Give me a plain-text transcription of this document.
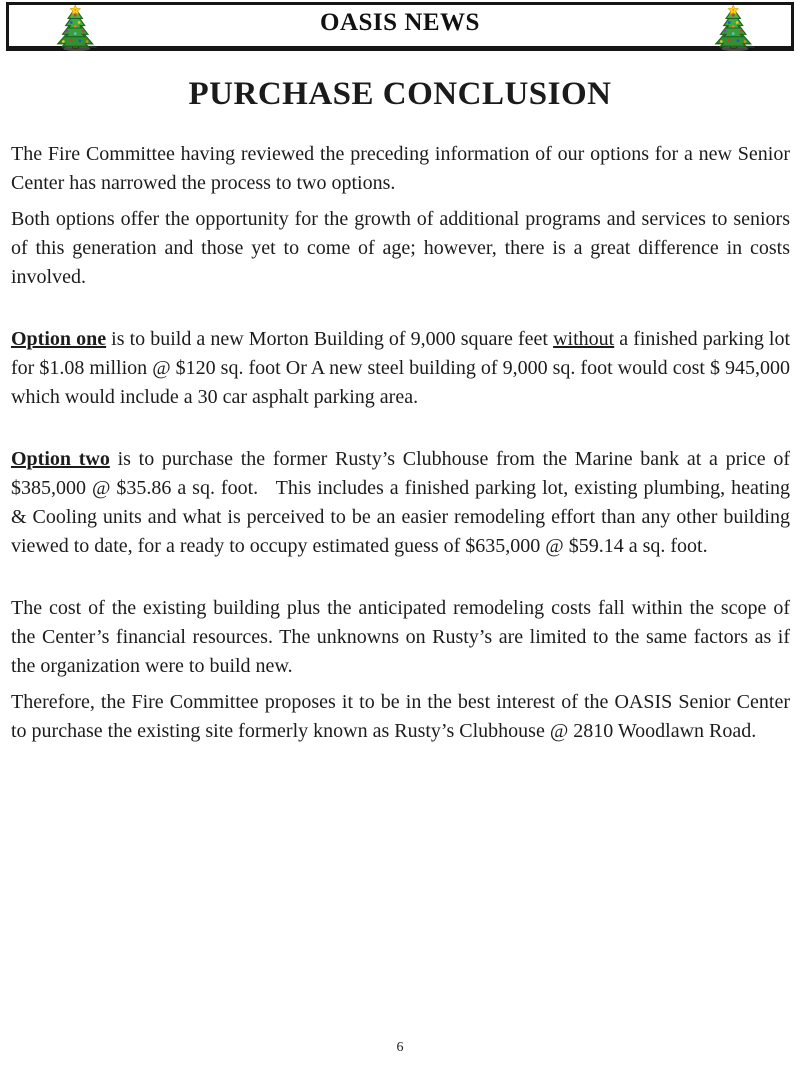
OASIS NEWS
PURCHASE CONCLUSION

The Fire Committee having reviewed the preceding information of our options for a new Senior Center has narrowed the process to two options.

Both options offer the opportunity for the growth of additional programs and services to seniors of this generation and those yet to come of age; however, there is a great difference in costs involved.

Option one is to build a new Morton Building of 9,000 square feet without a finished parking lot for $1.08 million @ $120 sq. foot Or A new steel building of 9,000 sq. foot would cost $ 945,000 which would include a 30 car asphalt parking area.

Option two is to purchase the former Rusty’s Clubhouse from the Marine bank at a price of $385,000 @ $35.86 a sq. foot.   This includes a finished parking lot, existing plumbing, heating & Cooling units and what is perceived to be an easier remodeling effort than any other building viewed to date, for a ready to occupy estimated guess of $635,000 @ $59.14 a sq. foot.

The cost of the existing building plus the anticipated remodeling costs fall within the scope of the Center’s financial resources. The unknowns on Rusty’s are limited to the same factors as if the organization were to build new.

Therefore, the Fire Committee proposes it to be in the best interest of the OASIS Senior Center to purchase the existing site formerly known as Rusty’s Clubhouse @ 2810 Woodlawn Road.

6
